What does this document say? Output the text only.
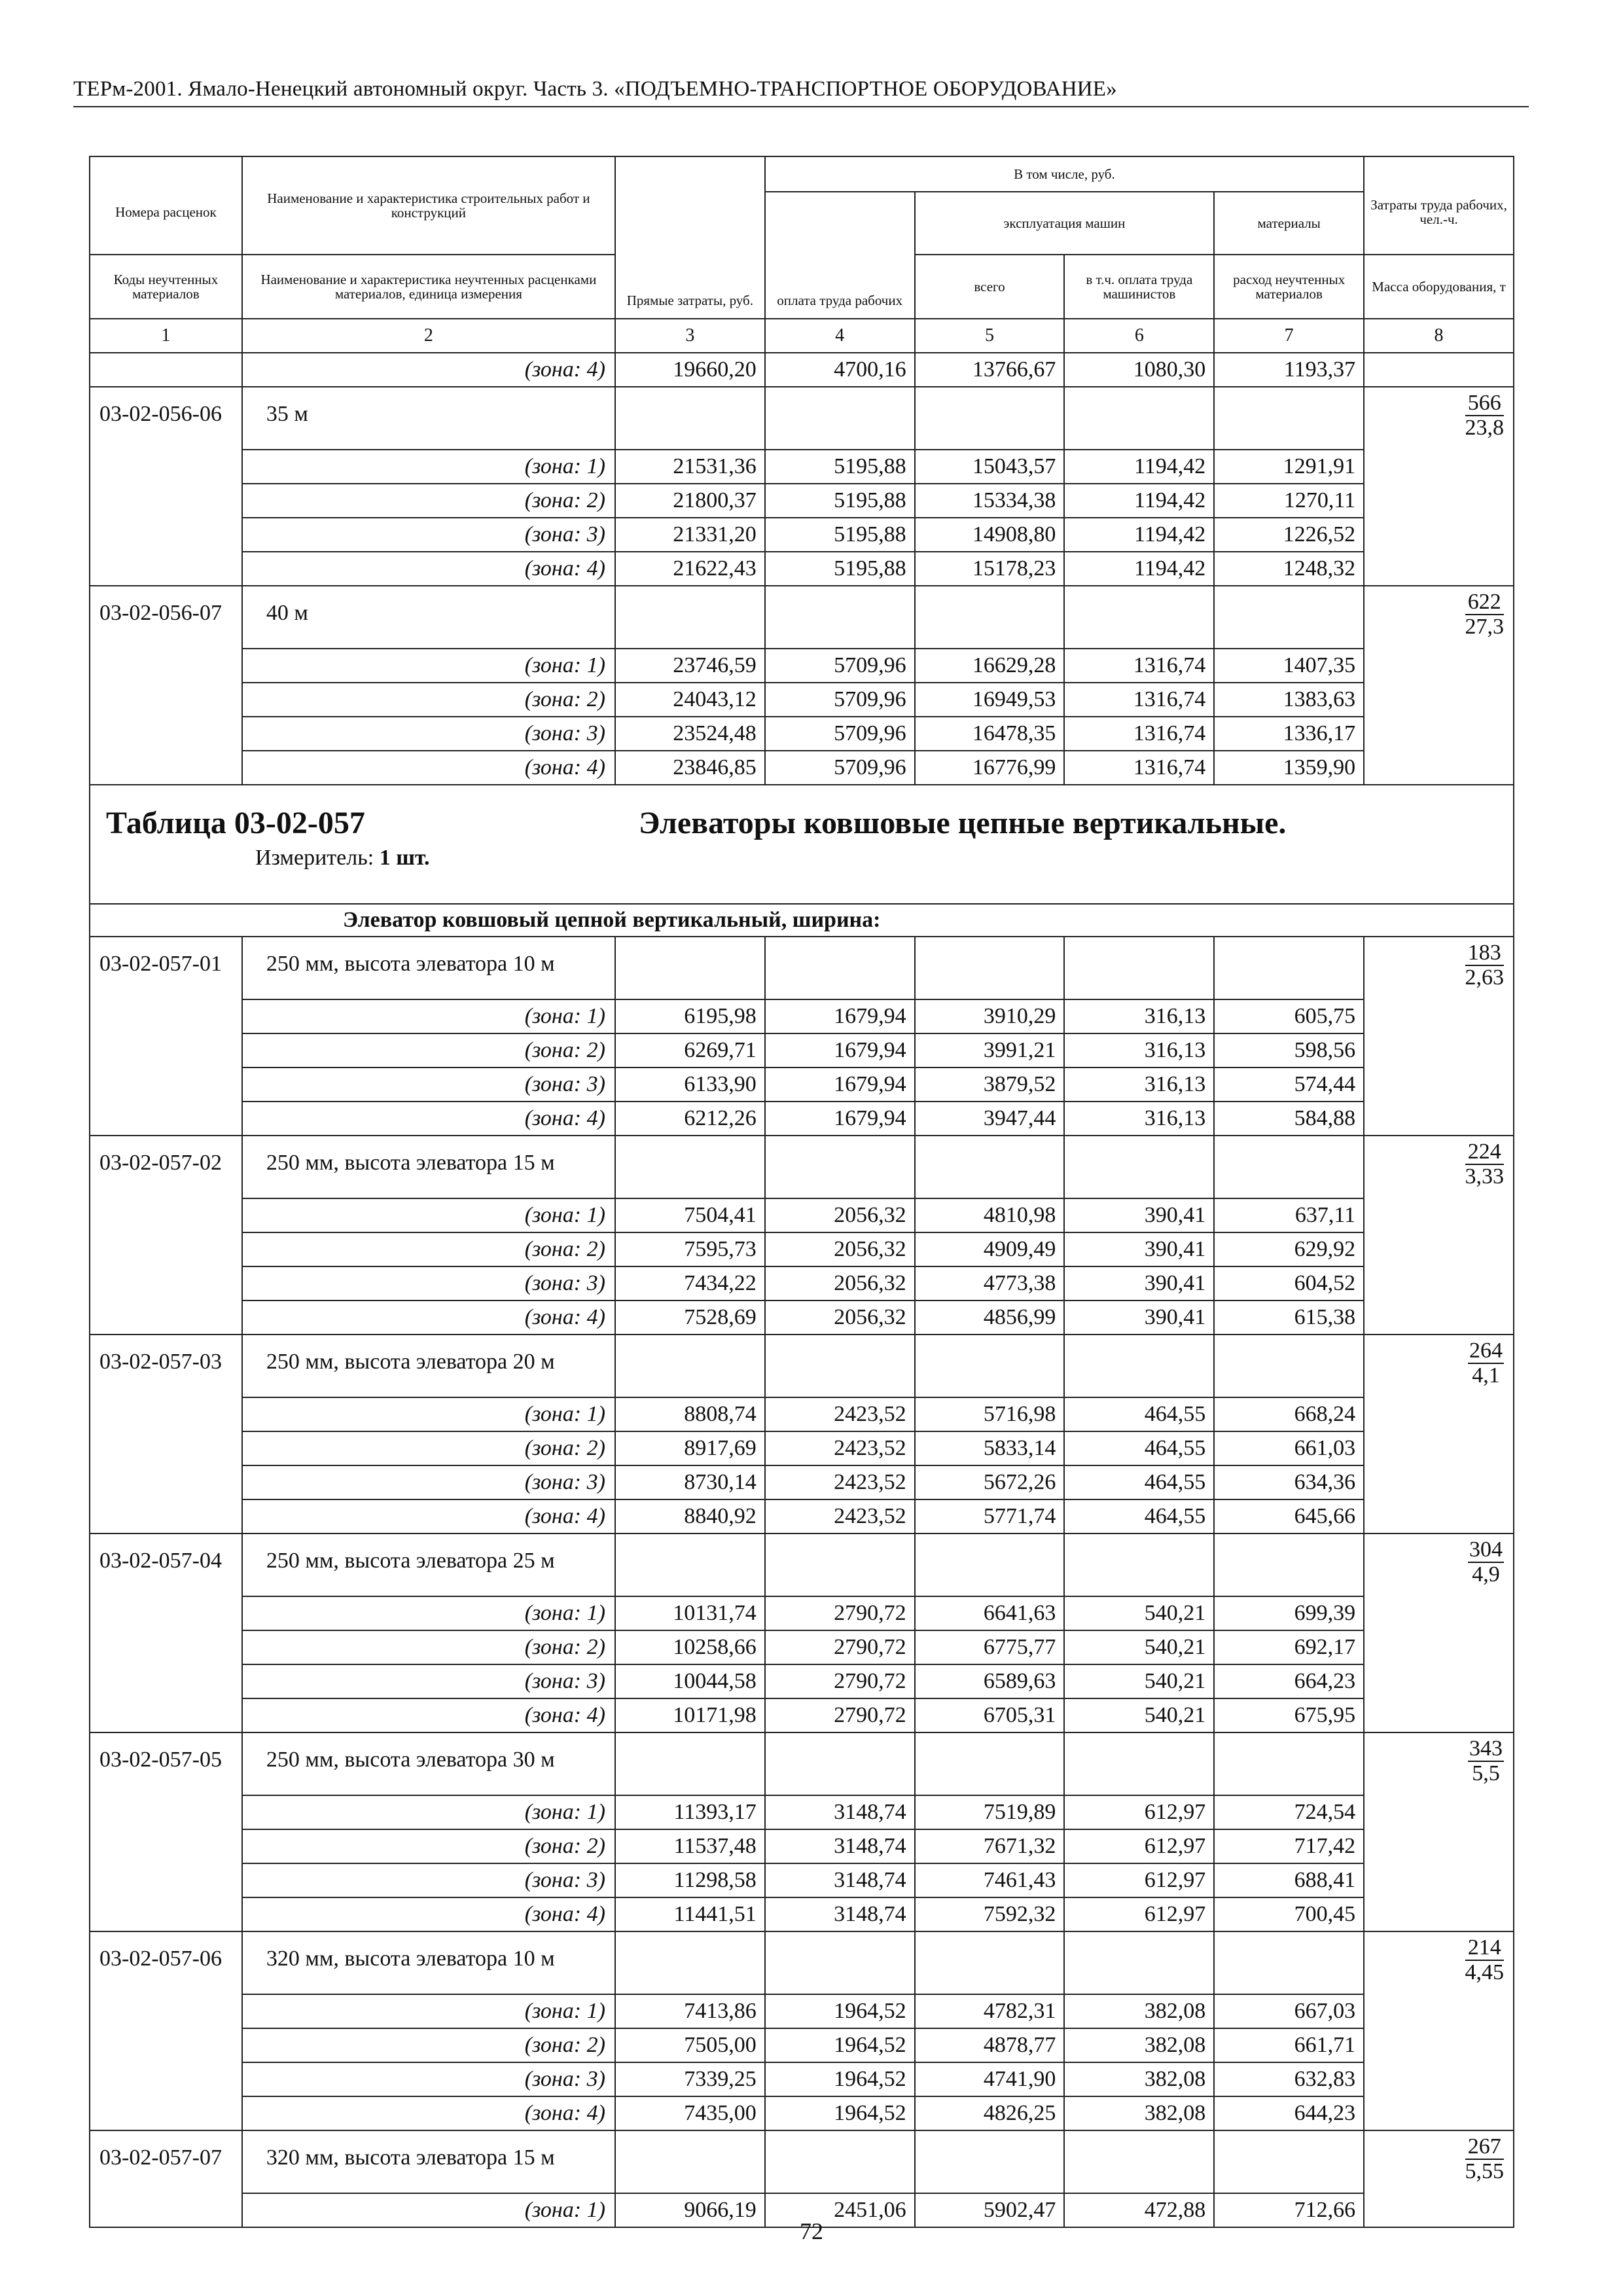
ТЕРм-2001. Ямало-Ненецкий автономный округ. Часть 3. «ПОДЪЕМНО-ТРАНСПОРТНОЕ ОБОРУДОВАНИЕ»
Номера расценок	Наименование и характеристика строительных работ и конструкций	Прямые затраты, руб.	В том числе, руб.				Затраты труда рабочих, чел.-ч.
			оплата труда рабочих	эксплуатация машин		материалы	
Коды неучтенных материалов	Наименование и характеристика неучтенных расценками материалов, единица измерения			всего	в т.ч. оплата труда машинистов	расход неучтенных материалов	Масса оборудования, т
1	2	3	4	5	6	7	8
	(зона: 4)	19660,20	4700,16	13766,67	1080,30	1193,37	
03-02-056-06	35 м						$\frac{566}{23,8}$

	(зона: 1)	21531,36	5195,88	15043,57	1194,42	1291,91	
	(зона: 2)	21800,37	5195,88	15334,38	1194,42	1270,11	
	(зона: 3)	21331,20	5195,88	14908,80	1194,42	1226,52	
	(зона: 4)	21622,43	5195,88	15178,23	1194,42	1248,32	
03-02-056-07	40 м						$\frac{622}{27,3}$

	(зона: 1)	23746,59	5709,96	16629,28	1316,74	1407,35	
	(зона: 2)	24043,12	5709,96	16949,53	1316,74	1383,63	
	(зона: 3)	23524,48	5709,96	16478,35	1316,74	1336,17	
	(зона: 4)	23846,85	5709,96	16776,99	1316,74	1359,90	

Таблица 03-02-057 Элеваторы ковшовые цепные вертикальные.
Измеритель: 1 шт.							

Элеватор ковшовый цепной вертикальный, ширина:							
03-02-057-01	250 мм, высота элеватора 10 м						$\frac{183}{2,63}$

	(зона: 1)	6195,98	1679,94	3910,29	316,13	605,75	
	(зона: 2)	6269,71	1679,94	3991,21	316,13	598,56	
	(зона: 3)	6133,90	1679,94	3879,52	316,13	574,44	
	(зона: 4)	6212,26	1679,94	3947,44	316,13	584,88	
03-02-057-02	250 мм, высота элеватора 15 м						$\frac{224}{3,33}$

	(зона: 1)	7504,41	2056,32	4810,98	390,41	637,11	
	(зона: 2)	7595,73	2056,32	4909,49	390,41	629,92	
	(зона: 3)	7434,22	2056,32	4773,38	390,41	604,52	
	(зона: 4)	7528,69	2056,32	4856,99	390,41	615,38	
03-02-057-03	250 мм, высота элеватора 20 м						$\frac{264}{4,1}$

	(зона: 1)	8808,74	2423,52	5716,98	464,55	668,24	
	(зона: 2)	8917,69	2423,52	5833,14	464,55	661,03	
	(зона: 3)	8730,14	2423,52	5672,26	464,55	634,36	
	(зона: 4)	8840,92	2423,52	5771,74	464,55	645,66	
03-02-057-04	250 мм, высота элеватора 25 м						$\frac{304}{4,9}$

	(зона: 1)	10131,74	2790,72	6641,63	540,21	699,39	
	(зона: 2)	10258,66	2790,72	6775,77	540,21	692,17	
	(зона: 3)	10044,58	2790,72	6589,63	540,21	664,23	
	(зона: 4)	10171,98	2790,72	6705,31	540,21	675,95	
03-02-057-05	250 мм, высота элеватора 30 м						$\frac{343}{5,5}$

	(зона: 1)	11393,17	3148,74	7519,89	612,97	724,54	
	(зона: 2)	11537,48	3148,74	7671,32	612,97	717,42	
	(зона: 3)	11298,58	3148,74	7461,43	612,97	688,41	
	(зона: 4)	11441,51	3148,74	7592,32	612,97	700,45	
03-02-057-06	320 мм, высота элеватора 10 м						$\frac{214}{4,45}$

	(зона: 1)	7413,86	1964,52	4782,31	382,08	667,03	
	(зона: 2)	7505,00	1964,52	4878,77	382,08	661,71	
	(зона: 3)	7339,25	1964,52	4741,90	382,08	632,83	
	(зона: 4)	7435,00	1964,52	4826,25	382,08	644,23	
03-02-057-07	320 мм, высота элеватора 15 м						$\frac{267}{5,55}$

	(зона: 1)	9066,19	2451,06	5902,47	472,88	712,66	
72
